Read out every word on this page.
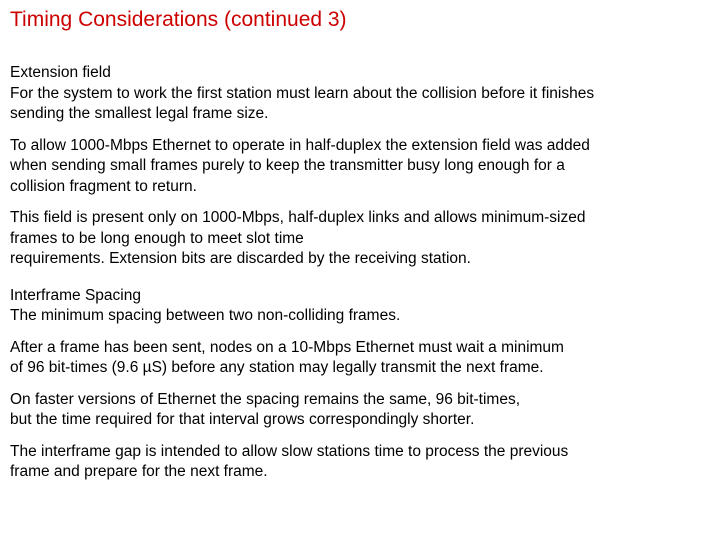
Timing Considerations (continued 3)
Extension field
For the system to work the first station must learn about the collision before it finishes
sending the smallest legal frame size.
To allow 1000-Mbps Ethernet to operate in half-duplex the extension field was added
when sending small frames purely to keep the transmitter busy long enough for a
collision fragment to return.
This field is present only on 1000-Mbps, half-duplex links and allows minimum-sized
frames to be long enough to meet slot time
requirements. Extension bits are discarded by the receiving station.
Interframe Spacing
The minimum spacing between two non-colliding frames.
After a frame has been sent, nodes on a 10-Mbps Ethernet must wait a minimum
of 96 bit-times (9.6 µS) before any station may legally transmit the next frame.
On faster versions of Ethernet the spacing remains the same, 96 bit-times,
but the time required for that interval grows correspondingly shorter.
The interframe gap is intended to allow slow stations time to process the previous
frame and prepare for the next frame.
